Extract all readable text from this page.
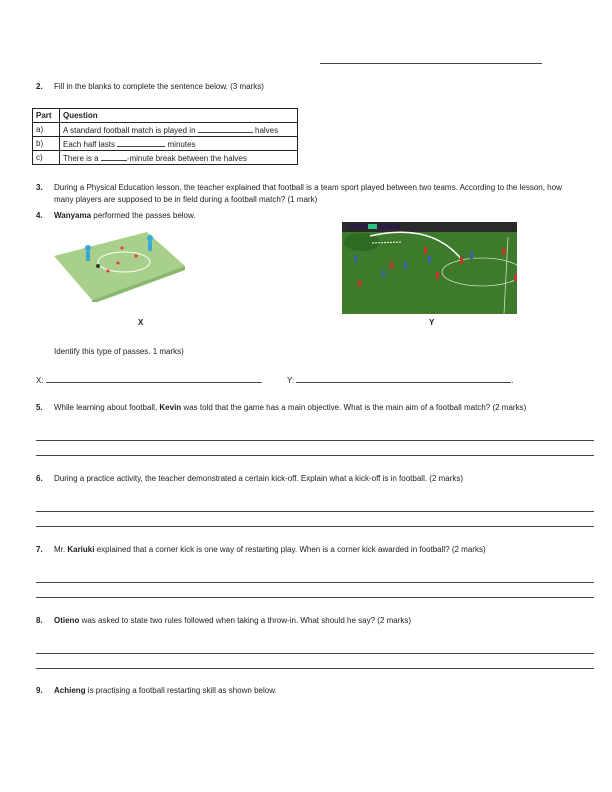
2. Fill in the blanks to complete the sentence below. (3 marks)
Part	Question
a)	A standard football match is played in halves
b)	Each half lasts minutes
c)	There is a -minute break between the halves
3. During a Physical Education lesson, the teacher explained that football is a team sport played between two teams. According to the lesson, how
many players are supposed to be in field during a football match? (1 mark)
4. Wanyama performed the passes below.
X	Y
Identify this type of passes. 1 marks)
X:	.	Y:	.
5. While learning about football, Kevin was told that the game has a main objective. What is the main aim of a football match? (2 marks)
6. During a practice activity, the teacher demonstrated a certain kick-off. Explain what a kick-off is in football. (2 marks)
7. Mr. Kariuki explained that a corner kick is one way of restarting play. When is a corner kick awarded in football? (2 marks)
8. Otieno was asked to state two rules followed when taking a throw-in. What should he say? (2 marks)
9. Achieng is practising a football restarting skill as shown below.
